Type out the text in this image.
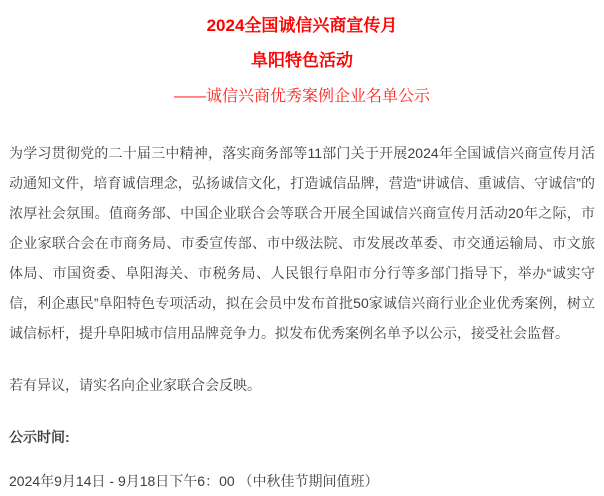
2024全国诚信兴商宣传月
阜阳特色活动
——诚信兴商优秀案例企业名单公示

为学习贯彻党的二十届三中精神，落实商务部等11部门关于开展2024年全国诚信兴商宣传月活动通知文件，培育诚信理念，弘扬诚信文化，打造诚信品牌，营造“讲诚信、重诚信、守诚信”的浓厚社会氛围。值商务部、中国企业联合会等联合开展全国诚信兴商宣传月活动20年之际，市企业家联合会在市商务局、市委宣传部、市中级法院、市发展改革委、市交通运输局、市文旅体局、市国资委、阜阳海关、市税务局、人民银行阜阳市分行等多部门指导下，举办“诚实守信，利企惠民”阜阳特色专项活动，拟在会员中发布首批50家诚信兴商行业企业优秀案例，树立诚信标杆，提升阜阳城市信用品牌竞争力。拟发布优秀案例名单予以公示，接受社会监督。

若有异议，请实名向企业家联合会反映。

公示时间:

2024年9月14日 - 9月18日下午6：00 （中秋佳节期间值班）
